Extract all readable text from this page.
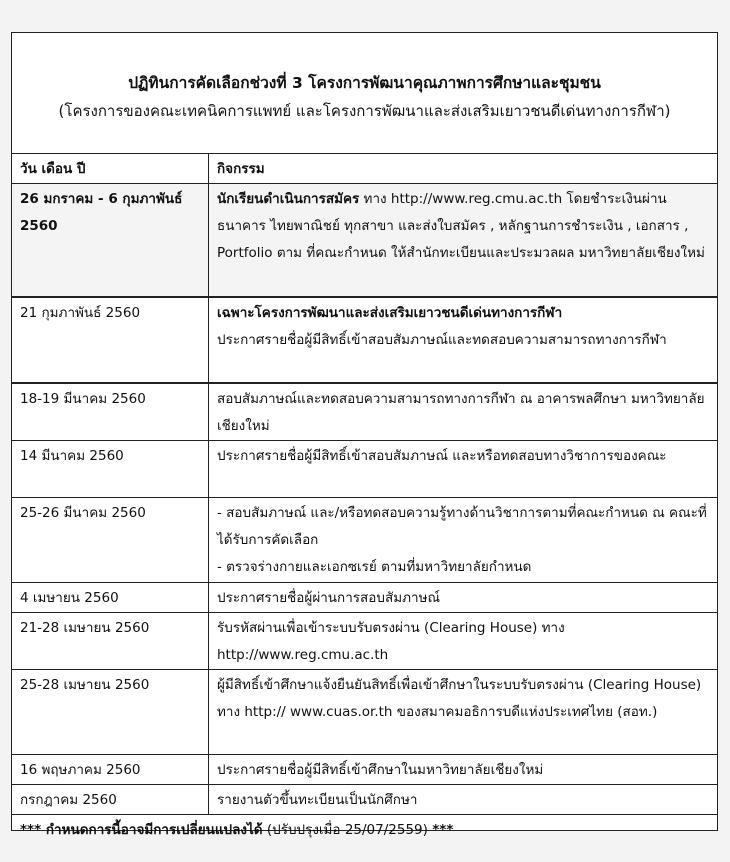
ปฏิทินการคัดเลือกช่วงที่ 3 โครงการพัฒนาคุณภาพการศึกษาและชุมชน
(โครงการของคณะเทคนิคการแพทย์ และโครงการพัฒนาและส่งเสริมเยาวชนดีเด่นทางการกีฬา)
วัน เดือน ปี	กิจกรรม
26 มกราคม - 6 กุมภาพันธ์ 2560	นักเรียนดำเนินการสมัคร ทาง http://www.reg.cmu.ac.th โดยชำระเงินผ่านธนาคาร ไทยพาณิชย์ ทุกสาขา และส่งใบสมัคร , หลักฐานการชำระเงิน , เอกสาร , Portfolio ตาม ที่คณะกำหนด ให้สำนักทะเบียนและประมวลผล มหาวิทยาลัยเชียงใหม่
21 กุมภาพันธ์ 2560	เฉพาะโครงการพัฒนาและส่งเสริมเยาวชนดีเด่นทางการกีฬา
ประกาศรายชื่อผู้มีสิทธิ์เข้าสอบสัมภาษณ์และทดสอบความสามารถทางการกีฬา

18-19 มีนาคม 2560	สอบสัมภาษณ์และทดสอบความสามารถทางการกีฬา ณ อาคารพลศึกษา มหาวิทยาลัยเชียงใหม่
14 มีนาคม 2560	ประกาศรายชื่อผู้มีสิทธิ์เข้าสอบสัมภาษณ์ และหรือทดสอบทางวิชาการของคณะ
25-26 มีนาคม 2560	- สอบสัมภาษณ์ และ/หรือทดสอบความรู้ทางด้านวิชาการตามที่คณะกำหนด ณ คณะที่ได้รับการคัดเลือก
- ตรวจร่างกายและเอกซเรย์ ตามที่มหาวิทยาลัยกำหนด

4 เมษายน 2560	ประกาศรายชื่อผู้ผ่านการสอบสัมภาษณ์
21-28 เมษายน 2560	รับรหัสผ่านเพื่อเข้าระบบรับตรงผ่าน (Clearing House) ทาง http://www.reg.cmu.ac.th
25-28 เมษายน 2560	ผู้มีสิทธิ์เข้าศึกษาแจ้งยืนยันสิทธิ์เพื่อเข้าศึกษาในระบบรับตรงผ่าน (Clearing House) ทาง http:// www.cuas.or.th ของสมาคมอธิการบดีแห่งประเทศไทย (สอท.)
16 พฤษภาคม 2560	ประกาศรายชื่อผู้มีสิทธิ์เข้าศึกษาในมหาวิทยาลัยเชียงใหม่
กรกฎาคม 2560	รายงานตัวขึ้นทะเบียนเป็นนักศึกษา
*** กำหนดการนี้อาจมีการเปลี่ยนแปลงได้ (ปรับปรุงเมื่อ 25/07/2559) ***	
